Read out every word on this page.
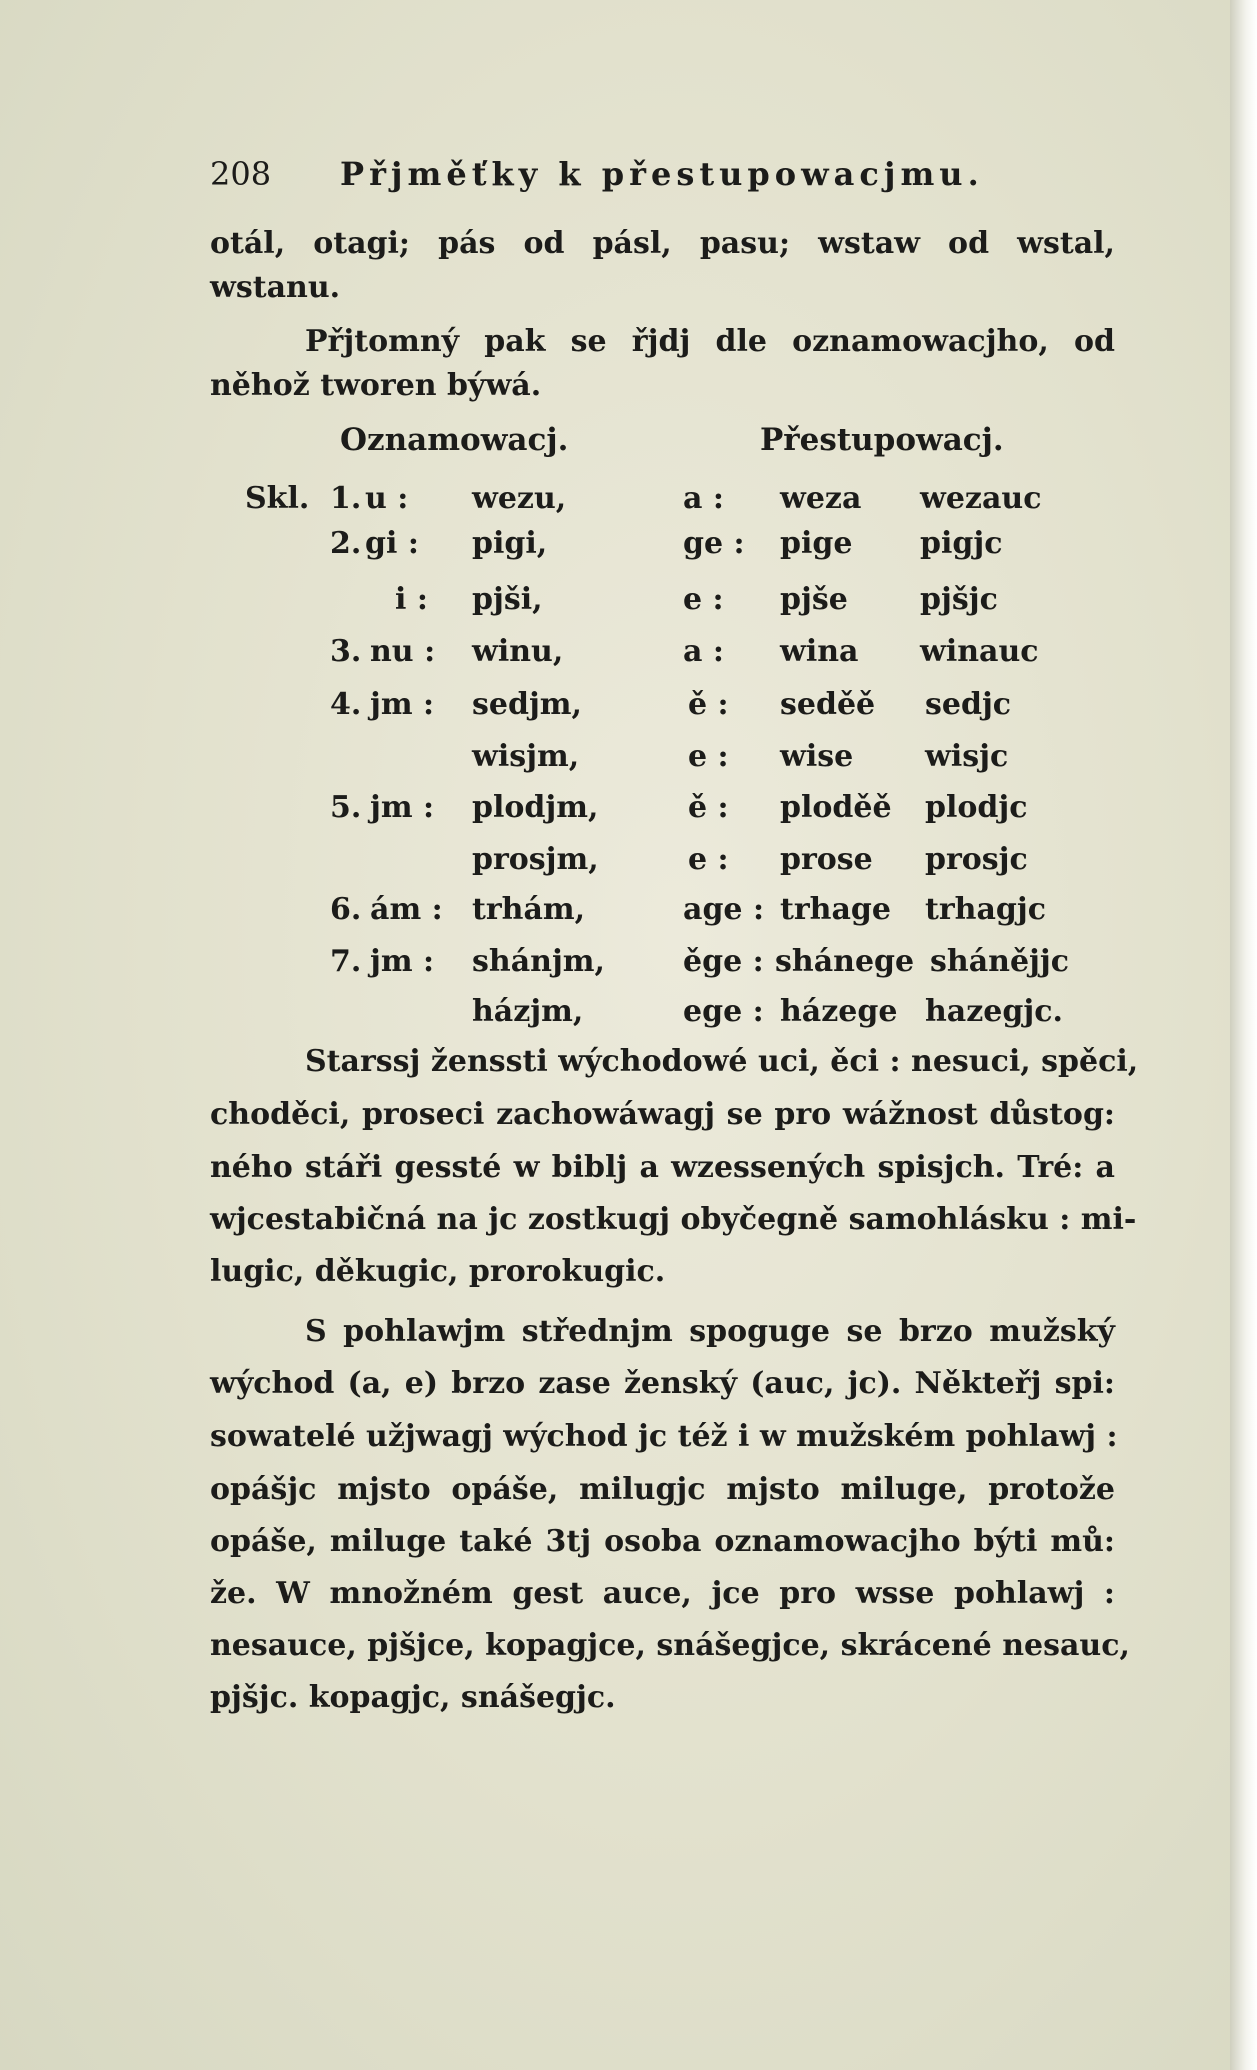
208 Přjměťky k přestupowacjmu.
otál, otagi; pás od pásl, pasu; wstaw od wstal,
wstanu.
Přjtomný pak se řjdj dle oznamowacjho, od
něhož tworen býwá.
Oznamowacj.	Přestupowacj.
Skl. 1. u : wezu,	a : weza wezauc
2. gi : pigi,	ge : pige pigjc
i : pjši,	e : pjše pjšjc
3. nu : winu,	a : wina winauc
4. jm : sedjm,	ě : seděě sedjc
wisjm,	e : wise wisjc
5. jm : plodjm,	ě : ploděě plodjc
prosjm,	e : prose prosjc
6. ám : trhám,	age : trhage trhagjc
7. jm : shánjm,	ěge : shánege shánějjc
házjm,	ege : házege hazegjc.
Starssj ženssti wýchodowé uci, ěci : nesuci, spěci,
choděci, proseci zachowáwagj se pro wážnost důstog:
ného stáři gessté w biblj a wzessených spisjch. Tré: a
wjcestabičná na jc zostkugj obyčegně samohlásku : mi-
lugic, děkugic, prorokugic.
S pohlawjm střednjm spoguge se brzo mužský
wýchod (a, e) brzo zase ženský (auc, jc). Někteřj spi:
sowatelé užjwagj wýchod jc též i w mužském pohlawj :
opášjc mjsto opáše, milugjc mjsto miluge, protože
opáše, miluge také 3tj osoba oznamowacjho býti mů:
že. W množném gest auce, jce pro wsse pohlawj :
nesauce, pjšjce, kopagjce, snášegjce, skrácené nesauc,
pjšjc. kopagjc, snášegjc.
